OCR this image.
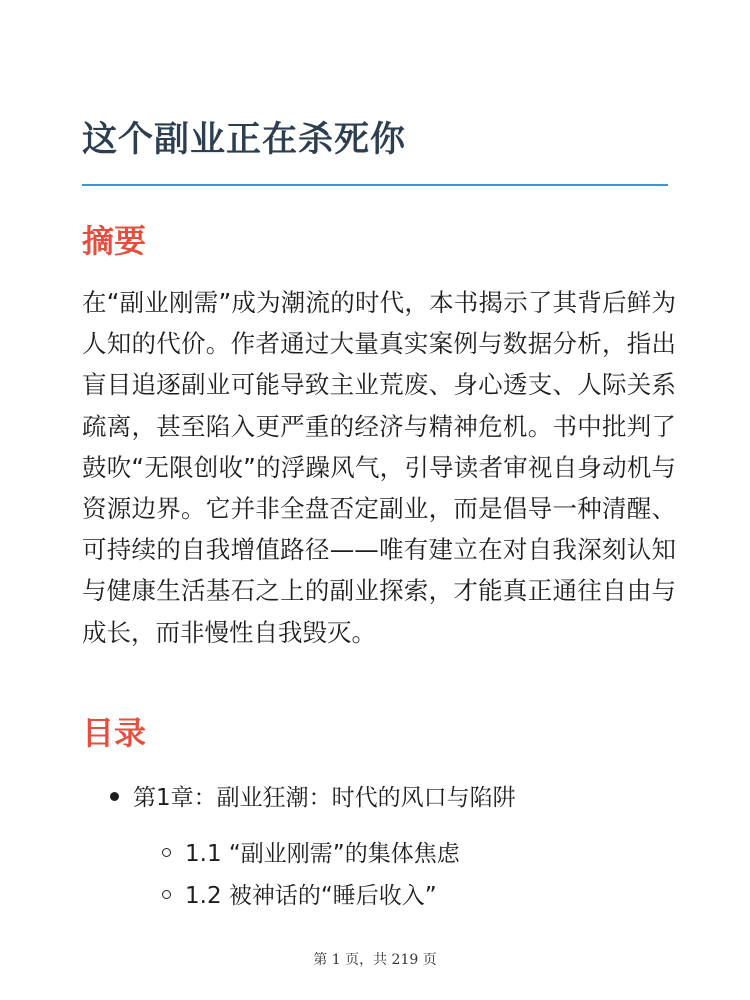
这个副业正在杀死你
摘要

在“副业刚需”成为潮流的时代，本书揭示了其背后鲜为人知的代价。作者通过大量真实案例与数据分析，指出盲目追逐副业可能导致主业荒废、身心透支、人际关系疏离，甚至陷入更严重的经济与精神危机。书中批判了鼓吹“无限创收”的浮躁风气，引导读者审视自身动机与资源边界。它并非全盘否定副业，而是倡导一种清醒、可持续的自我增值路径——唯有建立在对自我深刻认知与健康生活基石之上的副业探索，才能真正通往自由与成长，而非慢性自我毁灭。

目录
第1章：副业狂潮：时代的风口与陷阱
1.1 “副业刚需”的集体焦虑
1.2 被神话的“睡后收入”
第 1 页，共 219 页
